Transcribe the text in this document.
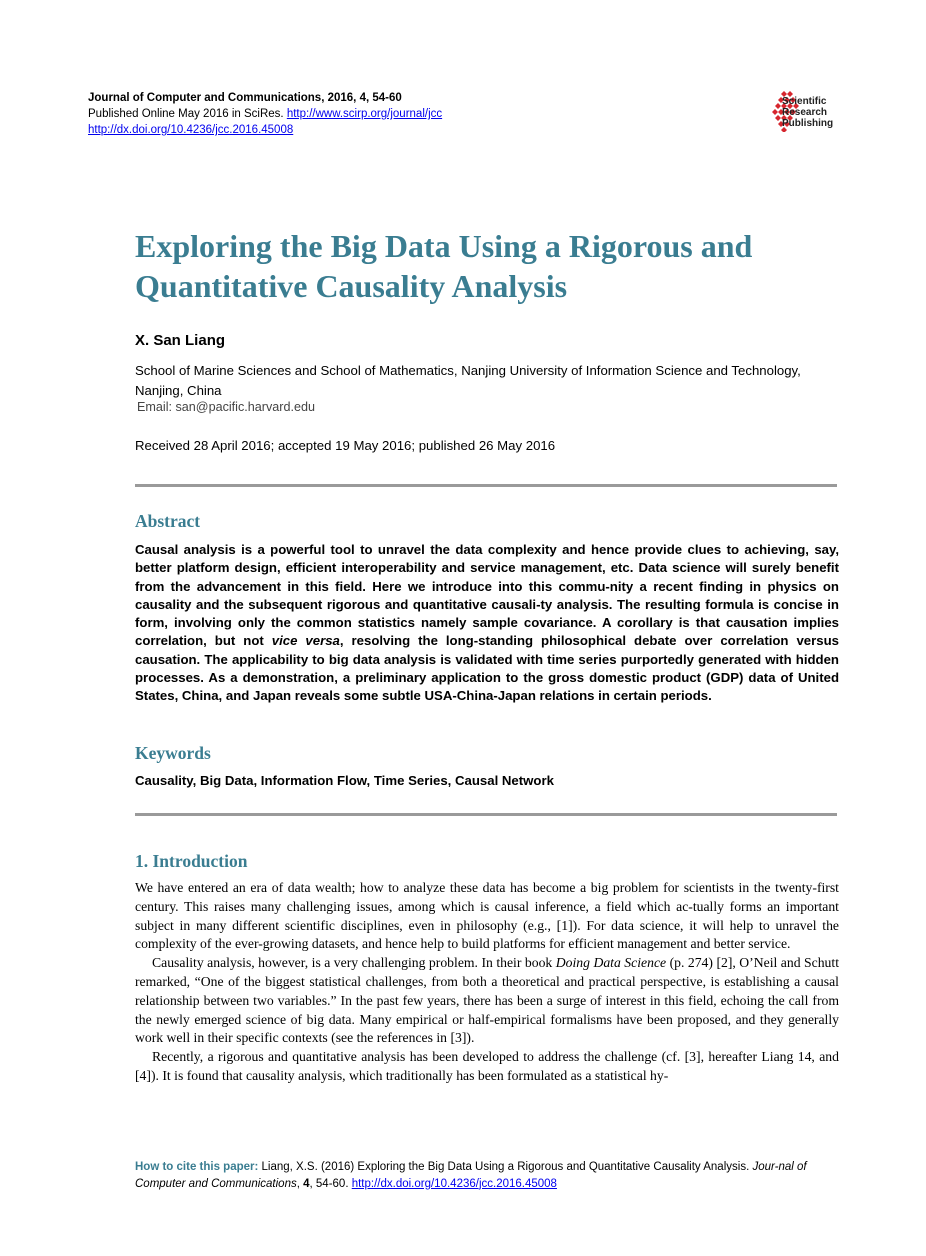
Journal of Computer and Communications, 2016, 4, 54-60
Published Online May 2016 in SciRes. http://www.scirp.org/journal/jcc
http://dx.doi.org/10.4236/jcc.2016.45008
Scientific
Research
Publishing
Exploring the Big Data Using a Rigorous and
Quantitative Causality Analysis
X. San Liang
School of Marine Sciences and School of Mathematics, Nanjing University of Information Science and Technology, Nanjing, China
Email: san@pacific.harvard.edu
Received 28 April 2016; accepted 19 May 2016; published 26 May 2016
Abstract
Causal analysis is a powerful tool to unravel the data complexity and hence provide clues to achieving, say, better platform design, efficient interoperability and service management, etc. Data science will surely benefit from the advancement in this field. Here we introduce into this commu-nity a recent finding in physics on causality and the subsequent rigorous and quantitative causali-ty analysis. The resulting formula is concise in form, involving only the common statistics namely sample covariance. A corollary is that causation implies correlation, but not vice versa, resolving the long-standing philosophical debate over correlation versus causation. The applicability to big data analysis is validated with time series purportedly generated with hidden processes. As a demonstration, a preliminary application to the gross domestic product (GDP) data of United States, China, and Japan reveals some subtle USA-China-Japan relations in certain periods.
Keywords
Causality, Big Data, Information Flow, Time Series, Causal Network
1. Introduction

We have entered an era of data wealth; how to analyze these data has become a big problem for scientists in the twenty-first century. This raises many challenging issues, among which is causal inference, a field which ac-tually forms an important subject in many different scientific disciplines, even in philosophy (e.g., [1]). For data science, it will help to unravel the complexity of the ever-growing datasets, and hence help to build platforms for efficient management and better service.

Causality analysis, however, is a very challenging problem. In their book Doing Data Science (p. 274) [2], O’Neil and Schutt remarked, “One of the biggest statistical challenges, from both a theoretical and practical perspective, is establishing a causal relationship between two variables.” In the past few years, there has been a surge of interest in this field, echoing the call from the newly emerged science of big data. Many empirical or half-empirical formalisms have been proposed, and they generally work well in their specific contexts (see the references in [3]).

Recently, a rigorous and quantitative analysis has been developed to address the challenge (cf. [3], hereafter Liang 14, and [4]). It is found that causality analysis, which traditionally has been formulated as a statistical hy-

How to cite this paper: Liang, X.S. (2016) Exploring the Big Data Using a Rigorous and Quantitative Causality Analysis. Jour-nal of Computer and Communications, 4, 54-60. http://dx.doi.org/10.4236/jcc.2016.45008
